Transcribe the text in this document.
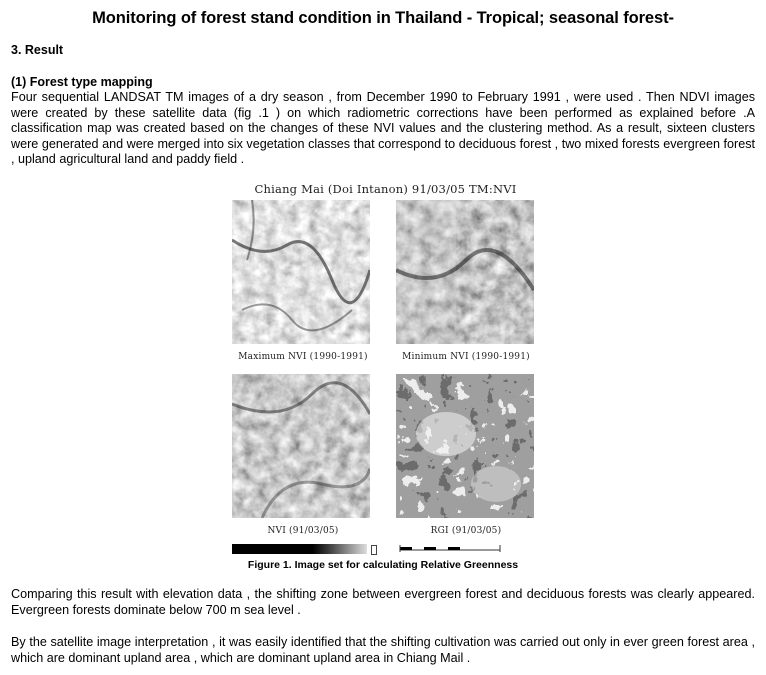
Monitoring of forest stand condition in Thailand - Tropical; seasonal forest-
3. Result
(1) Forest type mapping
Four sequential LANDSAT TM images of a dry season , from December 1990 to February 1991 , were used . Then NDVI images were created by these satellite data (fig .1 ) on which radiometric corrections have been performed as explained before .A classification map was created based on the changes of these NVI values and the clustering method. As a result, sixteen clusters were generated and were merged into six vegetation classes that correspond to deciduous forest , two mixed forests evergreen forest , upland agricultural land and paddy field .
Chiang Mai (Doi Intanon) 91/03/05 TM:NVI
Maximum NVI (1990-1991)	Minimum NVI (1990-1991)
NVI (91/03/05)	RGI (91/03/05)
Figure 1. Image set for calculating Relative Greenness
Comparing this result with elevation data , the shifting zone between evergreen forest and deciduous forests was clearly appeared. Evergreen forests dominate below 700 m sea level .
By the satellite image interpretation , it was easily identified that the shifting cultivation was carried out only in ever green forest area , which are dominant upland area , which are dominant upland area in Chiang Mail .
